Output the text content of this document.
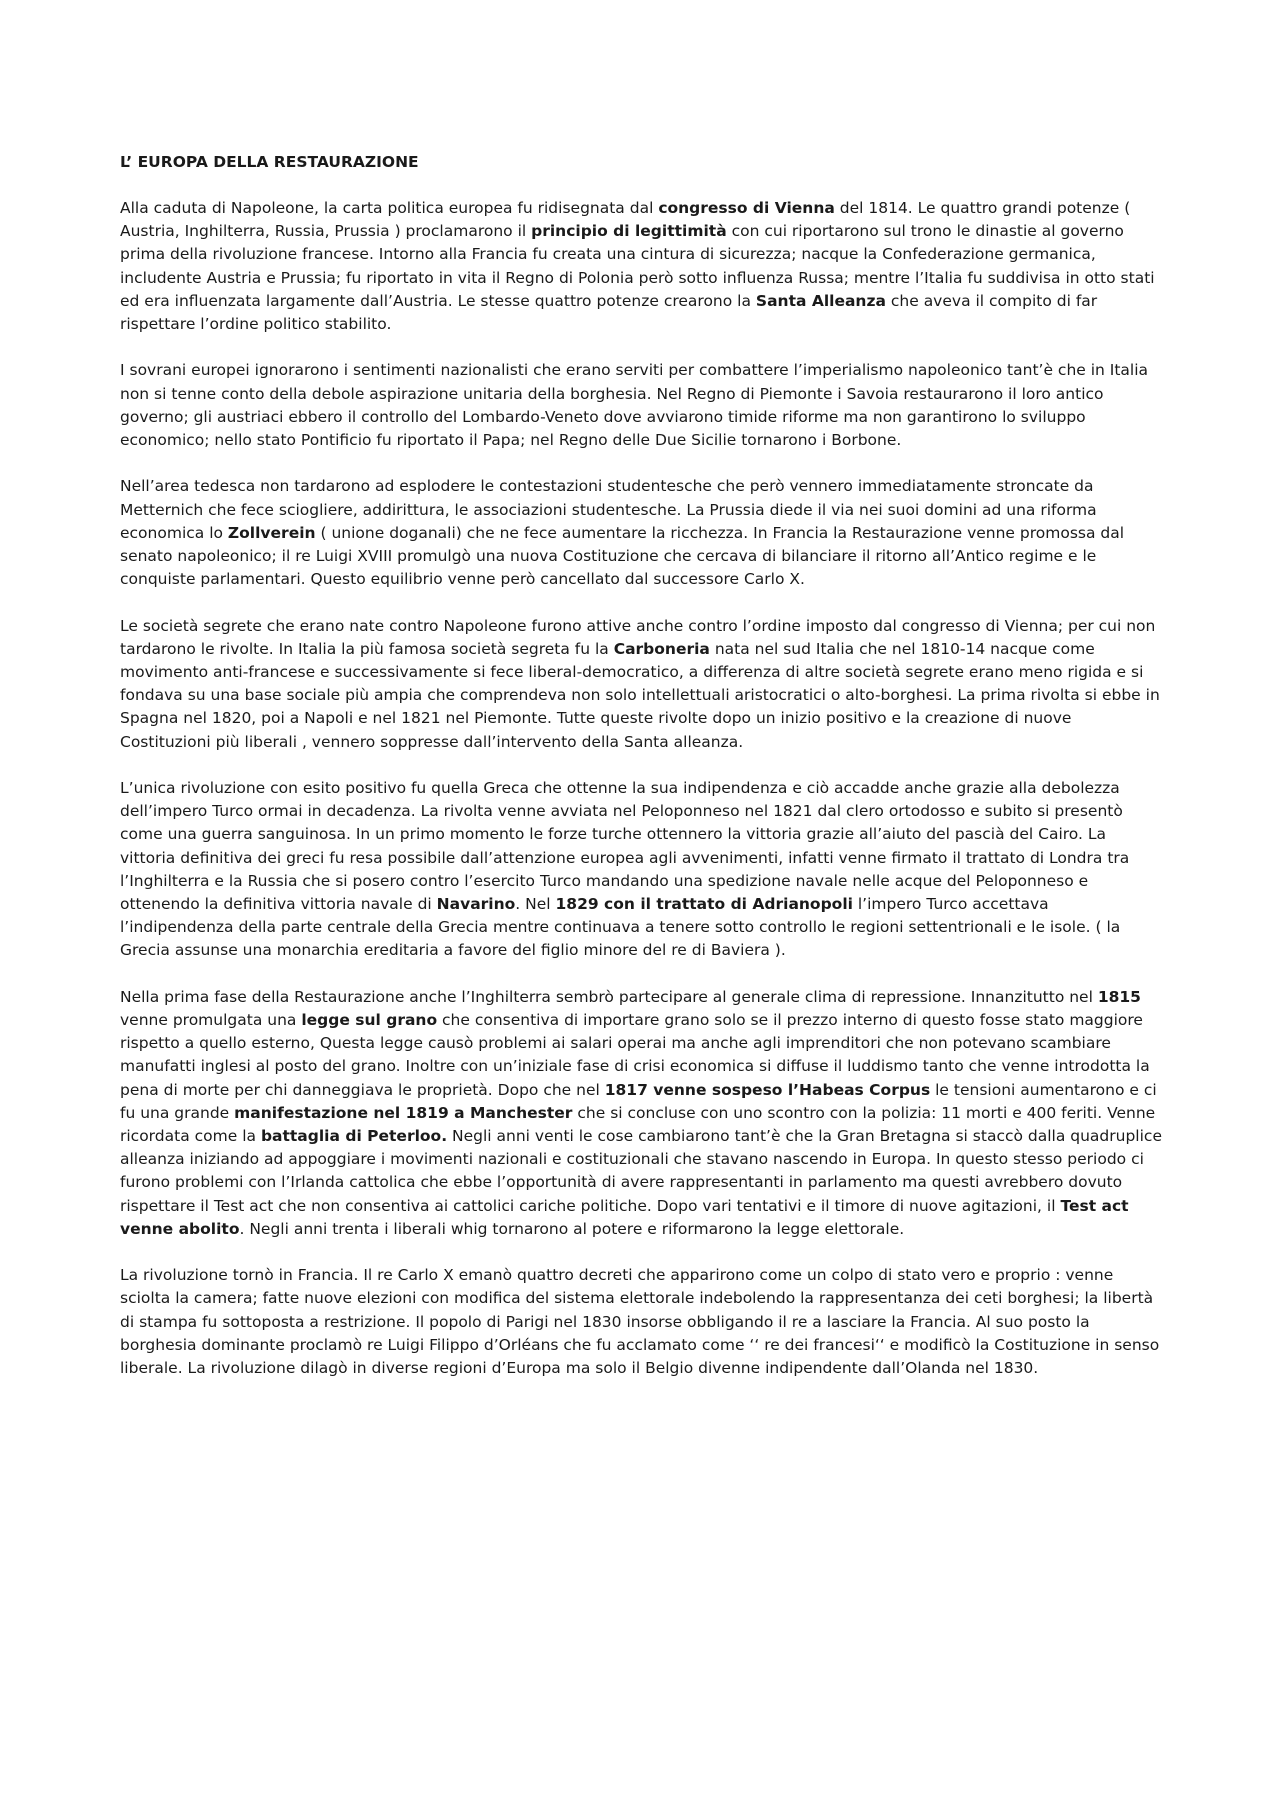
L’ EUROPA DELLA RESTAURAZIONE

Alla caduta di Napoleone, la carta politica europea fu ridisegnata dal congresso di Vienna del 1814. Le quattro grandi potenze ( Austria, Inghilterra, Russia, Prussia ) proclamarono il principio di legittimità con cui riportarono sul trono le dinastie al governo prima della rivoluzione francese. Intorno alla Francia fu creata una cintura di sicurezza; nacque la Confederazione germanica, includente Austria e Prussia; fu riportato in vita il Regno di Polonia però sotto influenza Russa; mentre l’Italia fu suddivisa in otto stati ed era influenzata largamente dall’Austria. Le stesse quattro potenze crearono la Santa Alleanza che aveva il compito di far rispettare l’ordine politico stabilito.

I sovrani europei ignorarono i sentimenti nazionalisti che erano serviti per combattere l’imperialismo napoleonico tant’è che in Italia non si tenne conto della debole aspirazione unitaria della borghesia. Nel Regno di Piemonte i Savoia restaurarono il loro antico governo; gli austriaci ebbero il controllo del Lombardo-Veneto dove avviarono timide riforme ma non garantirono lo sviluppo economico; nello stato Pontificio fu riportato il Papa; nel Regno delle Due Sicilie tornarono i Borbone.

Nell’area tedesca non tardarono ad esplodere le contestazioni studentesche che però vennero immediatamente stroncate da Metternich che fece sciogliere, addirittura, le associazioni studentesche. La Prussia diede il via nei suoi domini ad una riforma economica lo Zollverein ( unione doganali) che ne fece aumentare la ricchezza. In Francia la Restaurazione venne promossa dal senato napoleonico; il re Luigi XVIII promulgò una nuova Costituzione che cercava di bilanciare il ritorno all’Antico regime e le conquiste parlamentari. Questo equilibrio venne però cancellato dal successore Carlo X.

Le società segrete che erano nate contro Napoleone furono attive anche contro l’ordine imposto dal congresso di Vienna; per cui non tardarono le rivolte. In Italia la più famosa società segreta fu la Carboneria nata nel sud Italia che nel 1810-14 nacque come movimento anti-francese e successivamente si fece liberal-democratico, a differenza di altre società segrete erano meno rigida e si fondava su una base sociale più ampia che comprendeva non solo intellettuali aristocratici o alto-borghesi. La prima rivolta si ebbe in Spagna nel 1820, poi a Napoli e nel 1821 nel Piemonte. Tutte queste rivolte dopo un inizio positivo e la creazione di nuove Costituzioni più liberali , vennero soppresse dall’intervento della Santa alleanza.

L’unica rivoluzione con esito positivo fu quella Greca che ottenne la sua indipendenza e ciò accadde anche grazie alla debolezza dell’impero Turco ormai in decadenza. La rivolta venne avviata nel Peloponneso nel 1821 dal clero ortodosso e subito si presentò come una guerra sanguinosa. In un primo momento le forze turche ottennero la vittoria grazie all’aiuto del pascià del Cairo. La vittoria definitiva dei greci fu resa possibile dall’attenzione europea agli avvenimenti, infatti venne firmato il trattato di Londra tra l’Inghilterra e la Russia che si posero contro l’esercito Turco mandando una spedizione navale nelle acque del Peloponneso e ottenendo la definitiva vittoria navale di Navarino. Nel 1829 con il trattato di Adrianopoli l’impero Turco accettava l’indipendenza della parte centrale della Grecia mentre continuava a tenere sotto controllo le regioni settentrionali e le isole. ( la Grecia assunse una monarchia ereditaria a favore del figlio minore del re di Baviera ).

Nella prima fase della Restaurazione anche l’Inghilterra sembrò partecipare al generale clima di repressione. Innanzitutto nel 1815 venne promulgata una legge sul grano che consentiva di importare grano solo se il prezzo interno di questo fosse stato maggiore rispetto a quello esterno, Questa legge causò problemi ai salari operai ma anche agli imprenditori che non potevano scambiare manufatti inglesi al posto del grano. Inoltre con un’iniziale fase di crisi economica si diffuse il luddismo tanto che venne introdotta la pena di morte per chi danneggiava le proprietà. Dopo che nel 1817 venne sospeso l’Habeas Corpus le tensioni aumentarono e ci fu una grande manifestazione nel 1819 a Manchester che si concluse con uno scontro con la polizia: 11 morti e 400 feriti. Venne ricordata come la battaglia di Peterloo. Negli anni venti le cose cambiarono tant’è che la Gran Bretagna si staccò dalla quadruplice alleanza iniziando ad appoggiare i movimenti nazionali e costituzionali che stavano nascendo in Europa. In questo stesso periodo ci furono problemi con l’Irlanda cattolica che ebbe l’opportunità di avere rappresentanti in parlamento ma questi avrebbero dovuto rispettare il Test act che non consentiva ai cattolici cariche politiche. Dopo vari tentativi e il timore di nuove agitazioni, il Test act venne abolito. Negli anni trenta i liberali whig tornarono al potere e riformarono la legge elettorale.

La rivoluzione tornò in Francia. Il re Carlo X emanò quattro decreti che apparirono come un colpo di stato vero e proprio : venne sciolta la camera; fatte nuove elezioni con modifica del sistema elettorale indebolendo la rappresentanza dei ceti borghesi; la libertà di stampa fu sottoposta a restrizione. Il popolo di Parigi nel 1830 insorse obbligando il re a lasciare la Francia. Al suo posto la borghesia dominante proclamò re Luigi Filippo d’Orléans che fu acclamato come ‘‘ re dei francesi‘‘ e modificò la Costituzione in senso liberale. La rivoluzione dilagò in diverse regioni d’Europa ma solo il Belgio divenne indipendente dall’Olanda nel 1830.
